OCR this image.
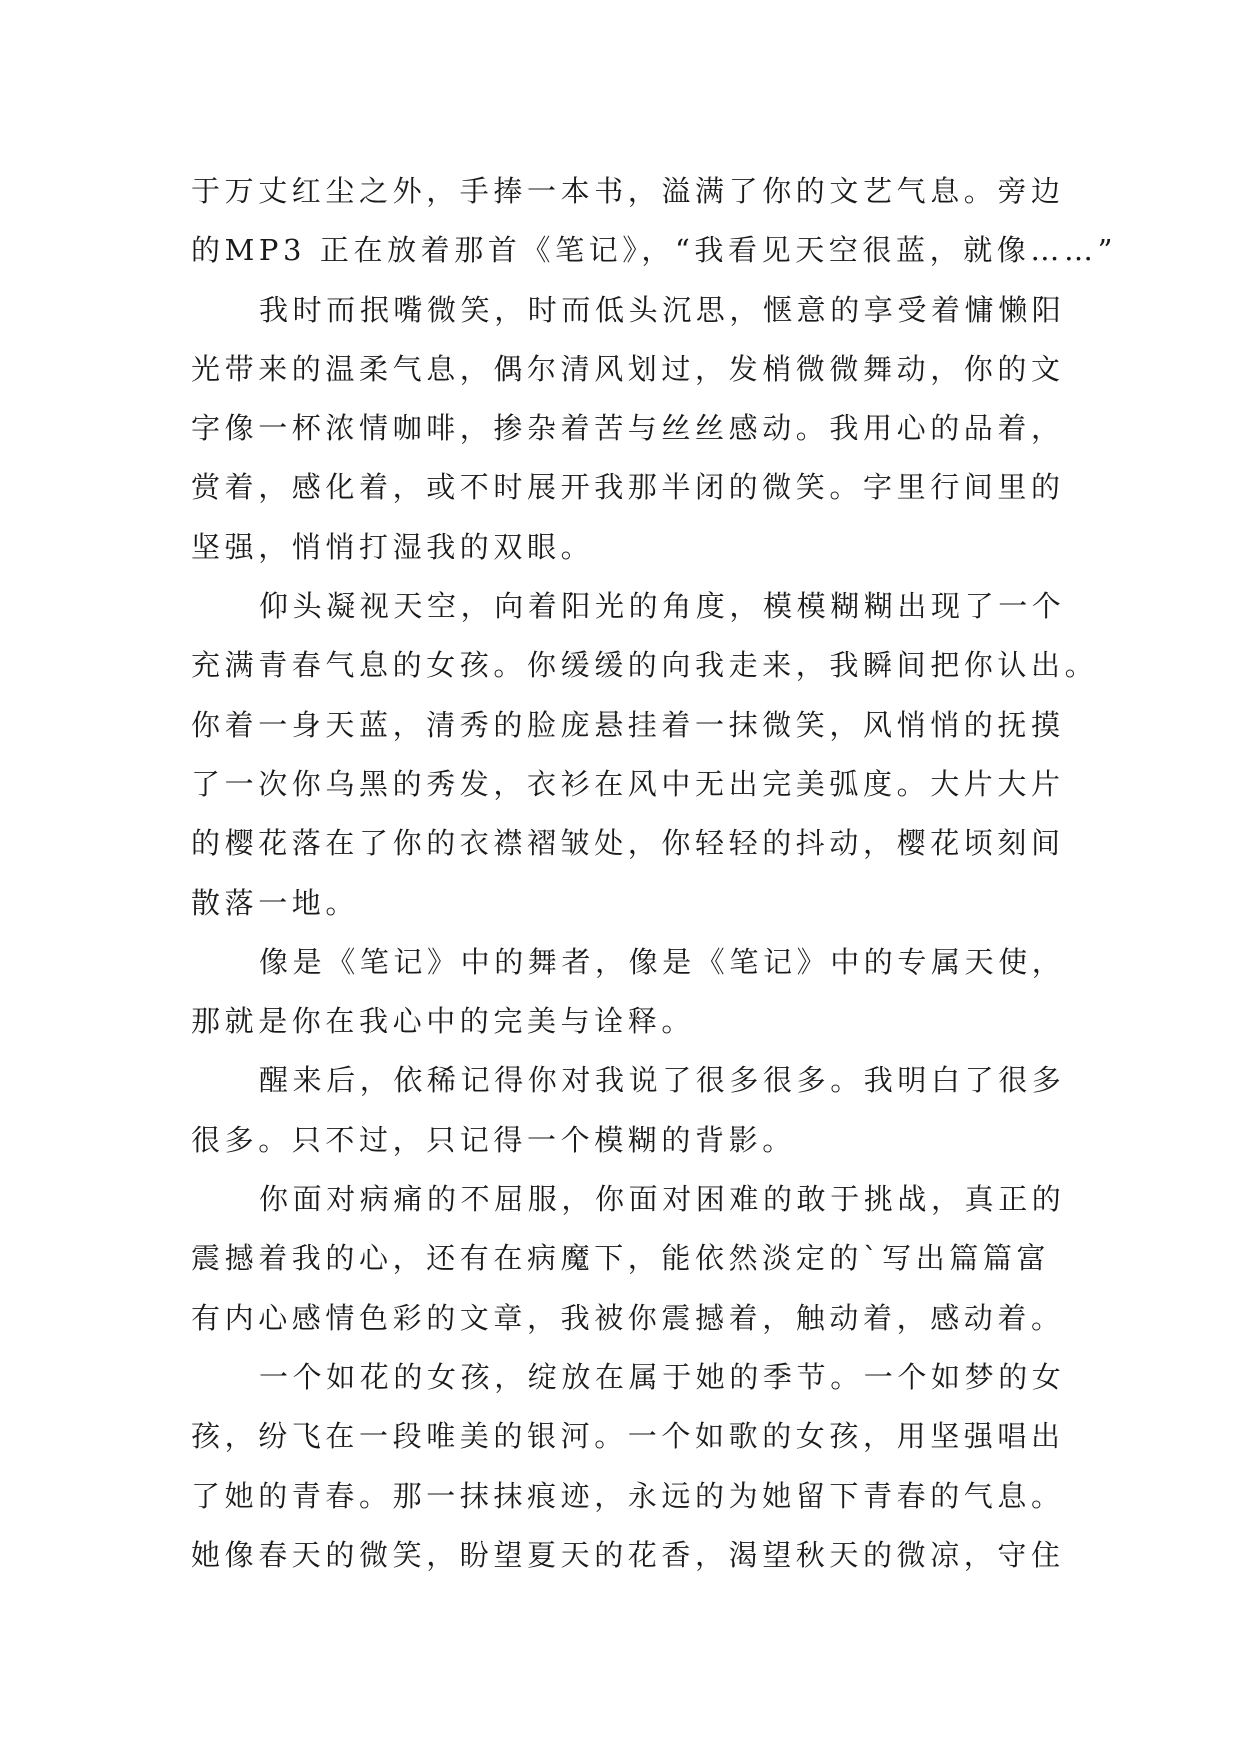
于万丈红尘之外，手捧一本书，溢满了你的文艺气息。旁边
的MP3 正在放着那首《笔记》，“我看见天空很蓝，就像……”
我时而抿嘴微笑，时而低头沉思，惬意的享受着慵懒阳
光带来的温柔气息，偶尔清风划过，发梢微微舞动，你的文
字像一杯浓情咖啡，掺杂着苦与丝丝感动。我用心的品着，
赏着，感化着，或不时展开我那半闭的微笑。字里行间里的
坚强，悄悄打湿我的双眼。
仰头凝视天空，向着阳光的角度，模模糊糊出现了一个
充满青春气息的女孩。你缓缓的向我走来，我瞬间把你认出。
你着一身天蓝，清秀的脸庞悬挂着一抹微笑，风悄悄的抚摸
了一次你乌黑的秀发，衣衫在风中无出完美弧度。大片大片
的樱花落在了你的衣襟褶皱处，你轻轻的抖动，樱花顷刻间
散落一地。
像是《笔记》中的舞者，像是《笔记》中的专属天使，
那就是你在我心中的完美与诠释。
醒来后，依稀记得你对我说了很多很多。我明白了很多
很多。只不过，只记得一个模糊的背影。
你面对病痛的不屈服，你面对困难的敢于挑战，真正的
震撼着我的心，还有在病魔下，能依然淡定的`写出篇篇富
有内心感情色彩的文章，我被你震撼着，触动着，感动着。
一个如花的女孩，绽放在属于她的季节。一个如梦的女
孩，纷飞在一段唯美的银河。一个如歌的女孩，用坚强唱出
了她的青春。那一抹抹痕迹，永远的为她留下青春的气息。
她像春天的微笑，盼望夏天的花香，渴望秋天的微凉，守住
